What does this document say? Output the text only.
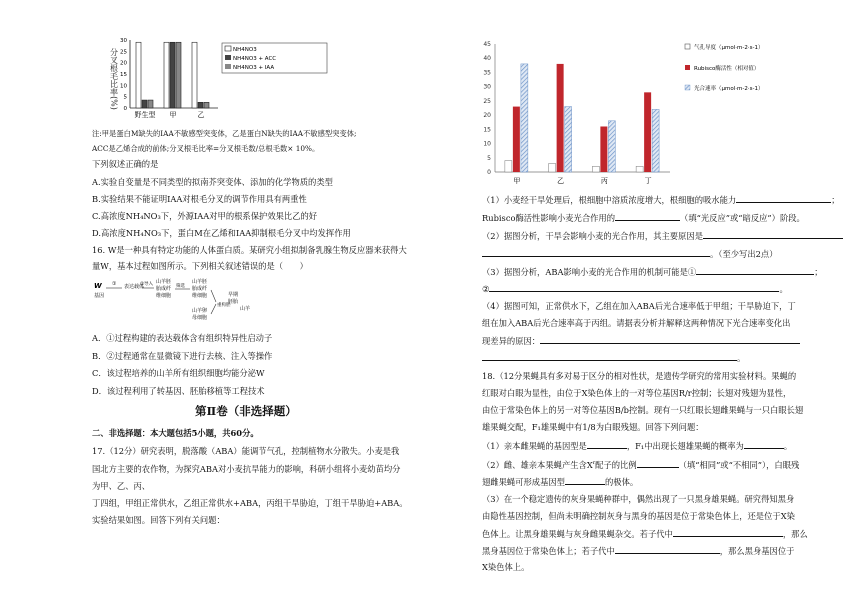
分叉根毛比率(%)
30
25
20
15
10
5
0
野生型 甲	乙
NH4NO3
NH4NO3 + ACC
NH4NO3 + IAA
注:甲是蛋白M缺失的IAA不敏感型突变体，乙是蛋白N缺失的IAA不敏感型突变体;
ACC是乙烯合成的前体;分叉根毛比率=分叉根毛数/总根毛数× 10%。
下列叙述正确的是
A.实验自变量是不同类型的拟南芥突变体、添加的化学物质的类型
B.实验结果不能证明IAA对根毛分叉的调节作用具有两重性
C.高浓度NH₄NO₃下，外源IAA对甲的根系保护效果比乙的好
D.高浓度NH₄NO₃下，蛋白M在乙烯和IAA抑制根毛分叉中均发挥作用
16. W是一种具有特定功能的人体蛋白质。某研究小组拟制备乳腺生物反应器来获得大
量W，基本过程如图所示。下列相关叙述错误的是（　　）
W
基因
① 表达载体
②导入 山羊胚
胎成纤
维细胞
筛选
山羊胚
胎成纤
维细胞
山羊卵
母细胞
重构胚
早期
胚胎
山羊
A．①过程构建的表达载体含有组织特异性启动子
B．②过程通常在显微镜下进行去核、注入等操作
C．该过程培养的山羊所有组织细胞均能分泌W
D．该过程利用了转基因、胚胎移植等工程技术
第Ⅱ卷（非选择题）
二、非选择题：本大题包括5小题，共60分。
17.（12分）研究表明，脱落酸（ABA）能调节气孔，控制植物水分散失。小麦是我
国北方主要的农作物，为探究ABA对小麦抗旱能力的影响，科研小组将小麦幼苗均分
为甲、乙、丙、
丁四组，甲组正常供水，乙组正常供水+ABA，丙组干旱胁迫，丁组干旱胁迫+ABA。
实验结果如图。回答下列有关问题：
45
40
35
30
25
20
15
10
5
0
甲	乙	丙	丁
气孔导度（μmol·m-2·s-1）
Rubisco酶活性（相对值）
光合速率（μmol·m-2·s-1）
（1）小麦经干旱处理后，根细胞中溶质浓度增大，根细胞的吸水能力	；
Rubisco酶活性影响小麦光合作用的	（填“光反应”或“暗反应”）阶段。
（2）据图分析，干旱会影响小麦的光合作用，其主要原因是
。（至少写出2点）
（3）据图分析，ABA影响小麦的光合作用的机制可能是①	；
②	。
（4）据图可知，正常供水下，乙组在加入ABA后光合速率低于甲组；干旱胁迫下，丁
组在加入ABA后光合速率高于丙组。请据表分析并解释这两种情况下光合速率变化出
现差异的原因：
。
18.（12分果蝇具有多对易于区分的相对性状，是遗传学研究的常用实验材料。果蝇的
红眼对白眼为显性，由位于X染色体上的一对等位基因R/r控制；长翅对残翅为显性，
由位于常染色体上的另一对等位基因B/b控制。现有一只红眼长翅雌果蝇与一只白眼长翅
雄果蝇交配，F₁雄果蝇中有1/8为白眼残翅。回答下列问题：
（1）亲本雌果蝇的基因型是	，F₁中出现长翅雄果蝇的概率为	。
（2）雌、雄亲本果蝇产生含$X^r$配子的比例	（填“相同”或“不相同”），白眼残
翅雌果蝇可形成基因型	的极体。
（3）在一个稳定遗传的灰身果蝇种群中，偶然出现了一只黑身雄果蝇。研究得知黑身
由隐性基因控制，但尚未明确控制灰身与黑身的基因是位于常染色体上，还是位于X染
色体上。让黑身雄果蝇与灰身雌果蝇杂交。若子代中	，那么
黑身基因位于常染色体上；若子代中	，那么黑身基因位于
X染色体上。
